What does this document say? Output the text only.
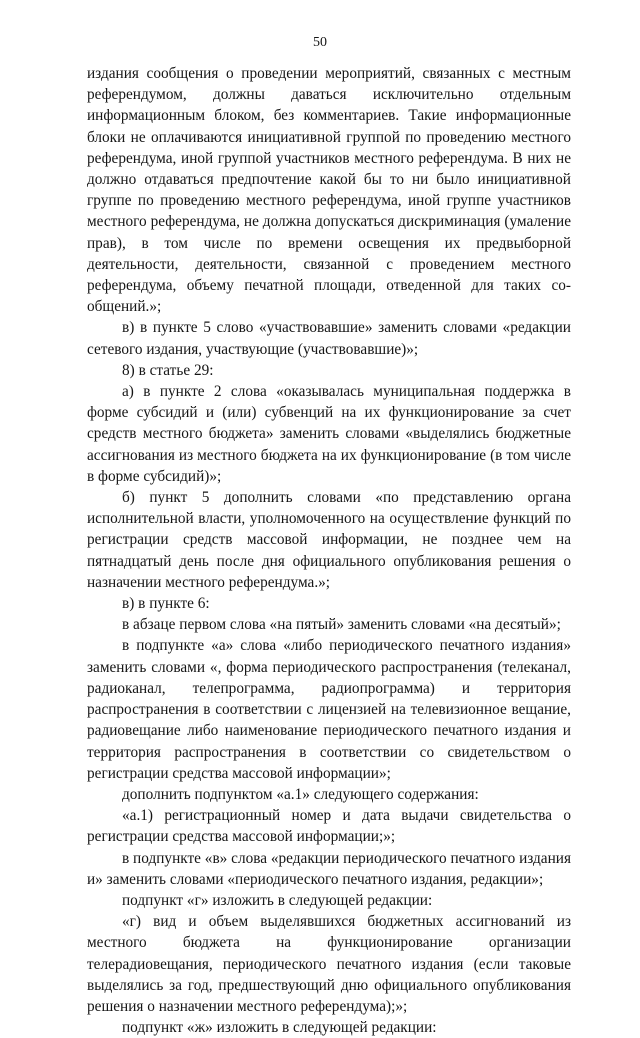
50

издания сообщения о проведении мероприятий, связанных с местным референдумом, должны даваться исключительно отдельным информационным блоком, без комментариев. Такие информационные блоки не оплачиваются инициативной группой по проведению местного референдума, иной группой участников местного референдума. В них не должно отдаваться предпочтение какой бы то ни было инициативной группе по проведению местного референдума, иной группе участников местного референдума, не должна допускаться дискриминация (умаление прав), в том числе по времени освещения их предвыборной деятельности, деятельности, связанной с проведением местного референдума, объему печатной площади, отведенной для таких сообщений.»;

в) в пункте 5 слово «участвовавшие» заменить словами «редакции сетевого издания, участвующие (участвовавшие)»;

8) в статье 29:

а) в пункте 2 слова «оказывалась муниципальная поддержка в форме субсидий и (или) субвенций на их функционирование за счет средств местного бюджета» заменить словами «выделялись бюджетные ассигнования из местного бюджета на их функционирование (в том числе в форме субсидий)»;

б) пункт 5 дополнить словами «по представлению органа исполнительной власти, уполномоченного на осуществление функций по регистрации средств массовой информации, не позднее чем на пятнадцатый день после дня официального опубликования решения о назначении местного референдума.»;

в) в пункте 6:

в абзаце первом слова «на пятый» заменить словами «на десятый»;

в подпункте «а» слова «либо периодического печатного издания» заменить словами «, форма периодического распространения (телеканал, радиоканал, телепрограмма, радиопрограмма) и территория распространения в соответствии с лицензией на телевизионное вещание, радиовещание либо наименование периодического печатного издания и территория распространения в соответствии со свидетельством о регистрации средства массовой информации»;

дополнить подпунктом «а.1» следующего содержания:

«а.1) регистрационный номер и дата выдачи свидетельства о регистрации средства массовой информации;»;

в подпункте «в» слова «редакции периодического печатного издания и» заменить словами «периодического печатного издания, редакции»;

подпункт «г» изложить в следующей редакции:

«г) вид и объем выделявшихся бюджетных ассигнований из местного бюджета на функционирование организации телерадиовещания, периодического печатного издания (если таковые выделялись за год, предшествующий дню официального опубликования решения о назначении местного референдума);»;

подпункт «ж» изложить в следующей редакции:
